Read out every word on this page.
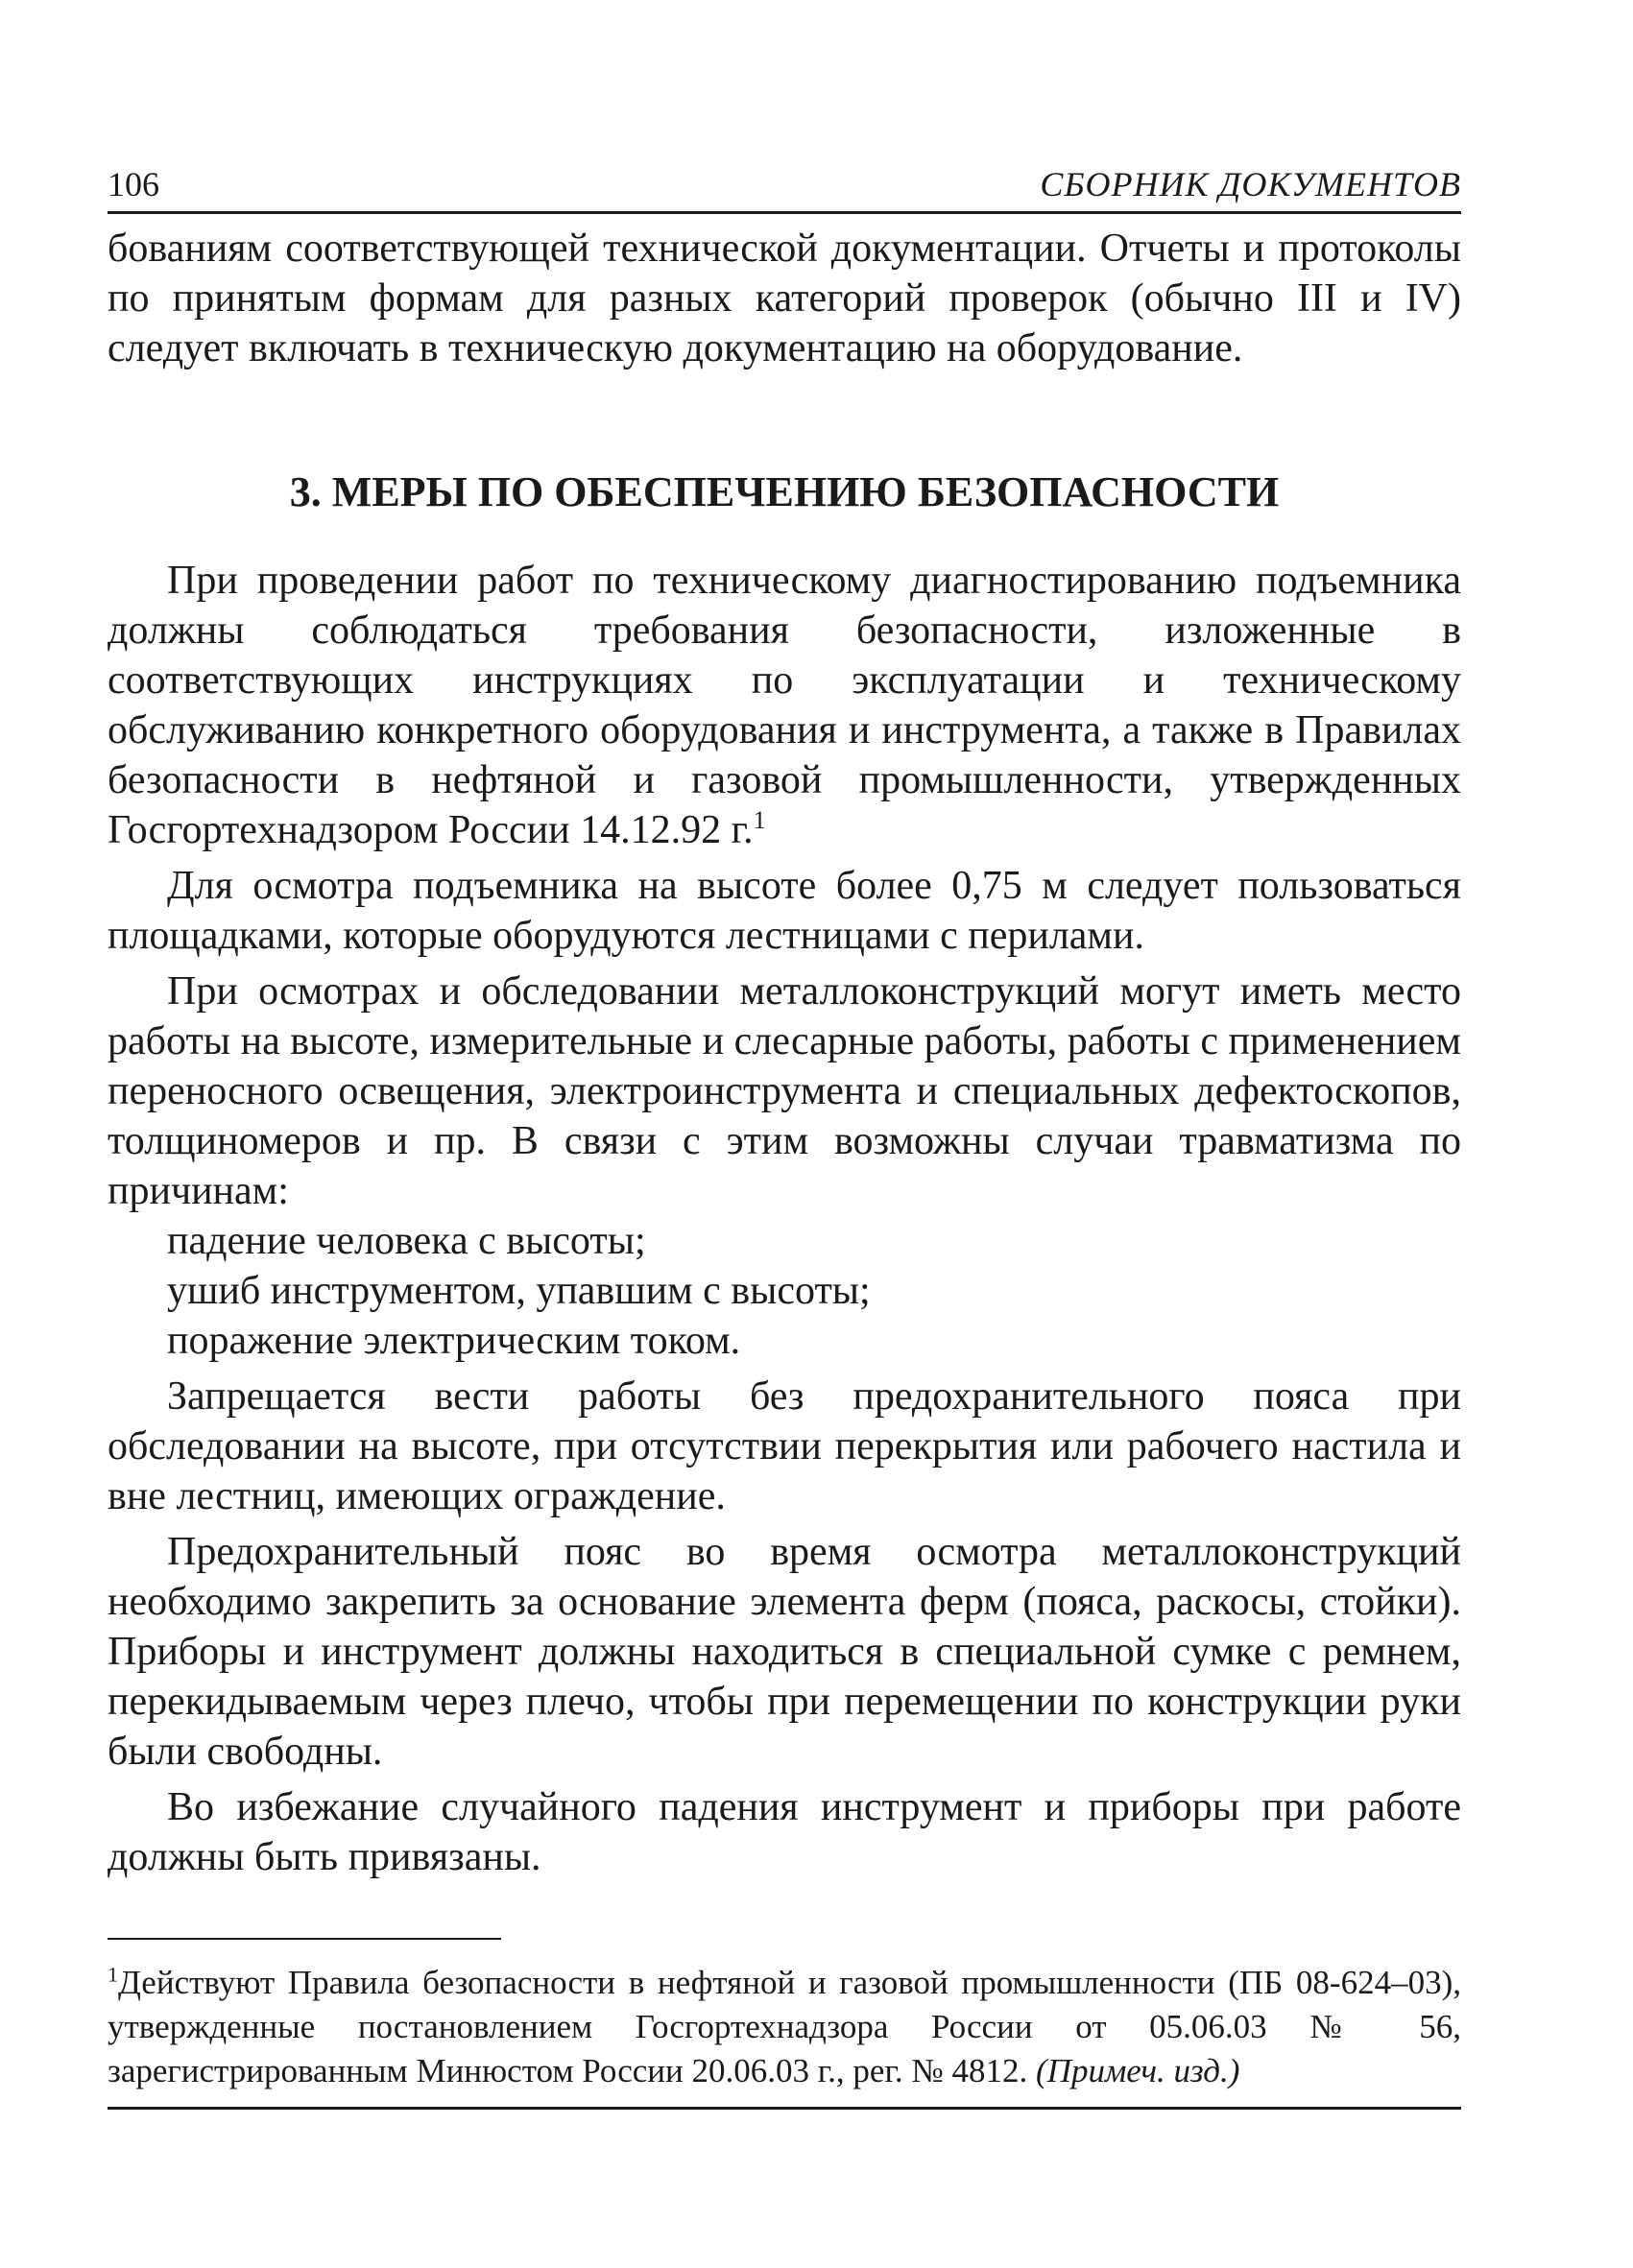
106	СБОРНИК ДОКУМЕНТОВ

бованиям соответствующей технической документации. Отчеты и протоколы по принятым формам для разных категорий проверок (обычно III и IV) следует включать в техническую документацию на оборудование.

3. МЕРЫ ПО ОБЕСПЕЧЕНИЮ БЕЗОПАСНОСТИ

При проведении работ по техническому диагностированию подъемника должны соблюдаться требования безопасности, изложенные в соответствующих инструкциях по эксплуатации и техническому обслуживанию конкретного оборудования и инструмента, а также в Правилах безопасности в нефтяной и газовой промышленности, утвержденных Госгортехнадзором России 14.12.92 г.$^1$

Для осмотра подъемника на высоте более 0,75 м следует пользоваться площадками, которые оборудуются лестницами с перилами.

При осмотрах и обследовании металлоконструкций могут иметь место работы на высоте, измерительные и слесарные работы, работы с применением переносного освещения, электроинструмента и специальных дефектоскопов, толщиномеров и пр. В связи с этим возможны случаи травматизма по причинам:

падение человека с высоты;

ушиб инструментом, упавшим с высоты;

поражение электрическим током.

Запрещается вести работы без предохранительного пояса при обследовании на высоте, при отсутствии перекрытия или рабочего настила и вне лестниц, имеющих ограждение.

Предохранительный пояс во время осмотра металлоконструкций необходимо закрепить за основание элемента ферм (пояса, раскосы, стойки). Приборы и инструмент должны находиться в специальной сумке с ремнем, перекидываемым через плечо, чтобы при перемещении по конструкции руки были свободны.

Во избежание случайного падения инструмент и приборы при работе должны быть привязаны.

$^1$Действуют Правила безопасности в нефтяной и газовой промышленности (ПБ 08-624–03), утвержденные постановлением Госгортехнадзора России от 05.06.03 № 56, зарегистрированным Минюстом России 20.06.03 г., рег. № 4812. (Примеч. изд.)
